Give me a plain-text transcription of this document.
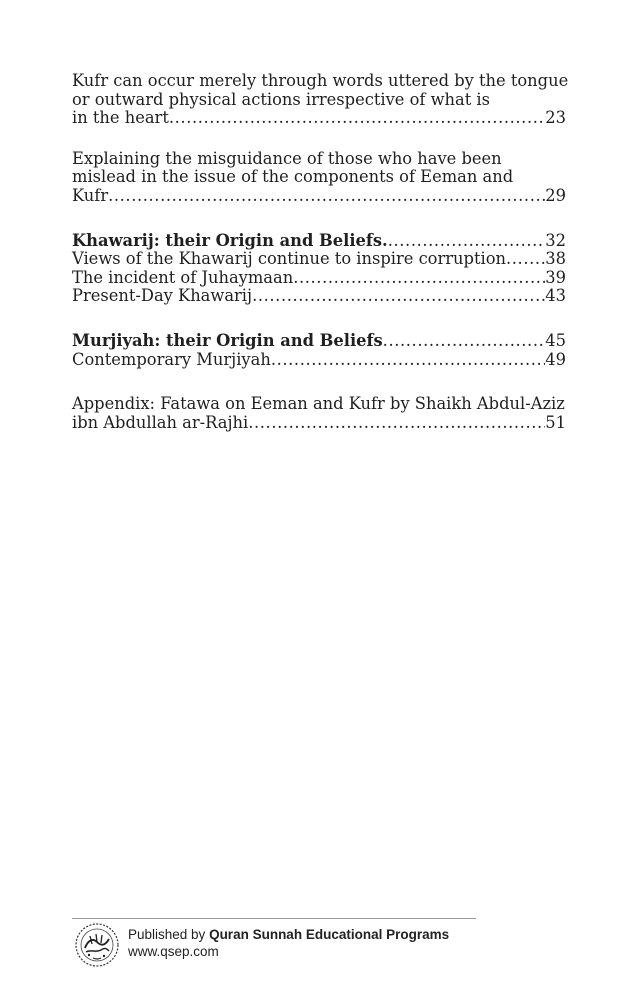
Kufr can occur merely through words uttered by the tongue
or outward physical actions irrespective of what is
in the heart .....	23
Explaining the misguidance of those who have been
mislead in the issue of the components of Eeman and
Kufr .....	29
Khawarij: their Origin and Beliefs. .....	32
Views of the Khawarij continue to inspire corruption ..... 38
The incident of Juhaymaan .....	39
Present-Day Khawarij .....	43
Murjiyah: their Origin and Beliefs .....	45
Contemporary Murjiyah .....	49
Appendix: Fatawa on Eeman and Kufr by Shaikh Abdul-Aziz
ibn Abdullah ar-Rajhi .....	51
Published by Quran Sunnah Educational Programs
www.qsep.com
